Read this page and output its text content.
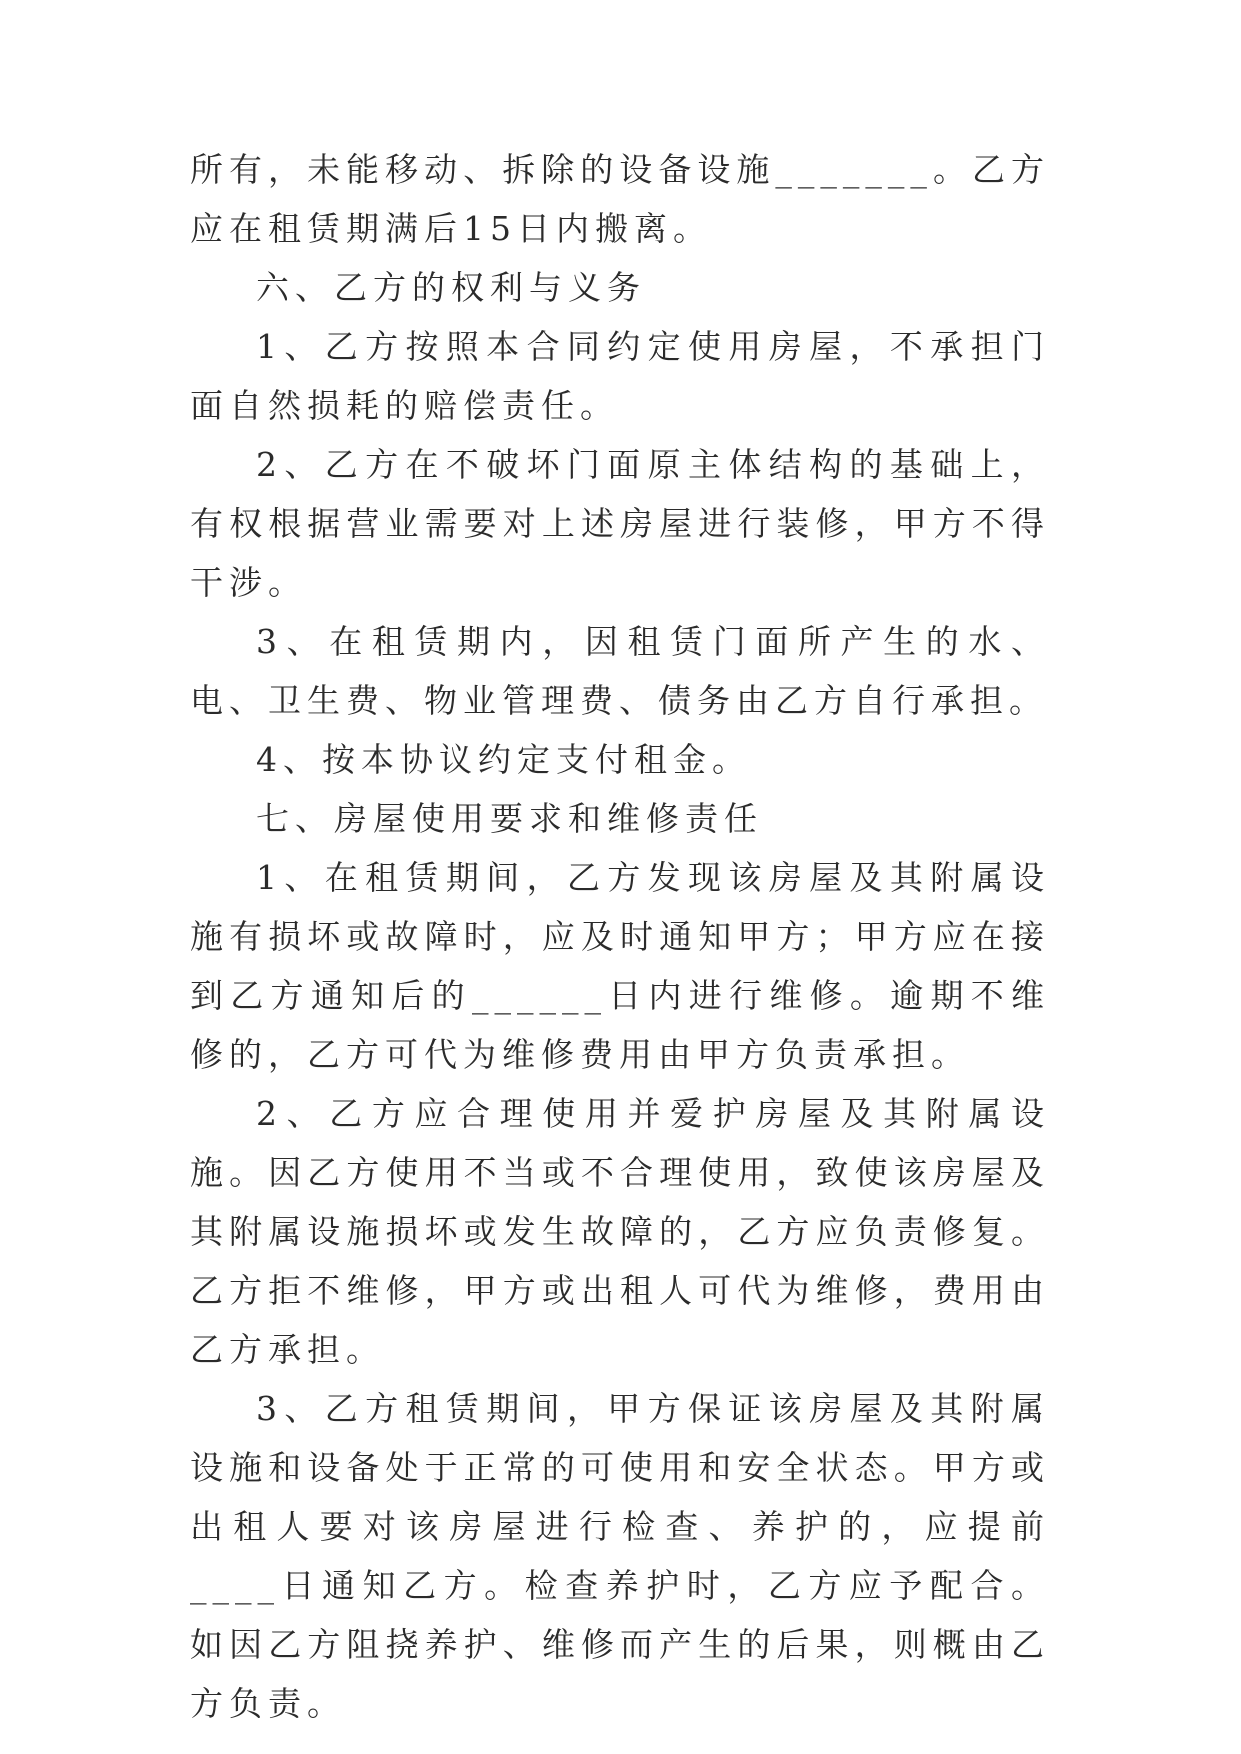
所有，未能移动、拆除的设备设施_______。乙方应在租赁期满后15日内搬离。

六、乙方的权利与义务

1、乙方按照本合同约定使用房屋，不承担门面自然损耗的赔偿责任。

2、乙方在不破坏门面原主体结构的基础上，有权根据营业需要对上述房屋进行装修，甲方不得干涉。

3、在租赁期内，因租赁门面所产生的水、电、卫生费、物业管理费、债务由乙方自行承担。

4、按本协议约定支付租金。

七、房屋使用要求和维修责任

1、在租赁期间，乙方发现该房屋及其附属设施有损坏或故障时，应及时通知甲方；甲方应在接到乙方通知后的______日内进行维修。逾期不维修的，乙方可代为维修费用由甲方负责承担。

2、乙方应合理使用并爱护房屋及其附属设施。因乙方使用不当或不合理使用，致使该房屋及其附属设施损坏或发生故障的，乙方应负责修复。乙方拒不维修，甲方或出租人可代为维修，费用由乙方承担。

3、乙方租赁期间，甲方保证该房屋及其附属设施和设备处于正常的可使用和安全状态。甲方或出租人要对该房屋进行检查、养护的，应提前____日通知乙方。检查养护时，乙方应予配合。如因乙方阻挠养护、维修而产生的后果，则概由乙方负责。
